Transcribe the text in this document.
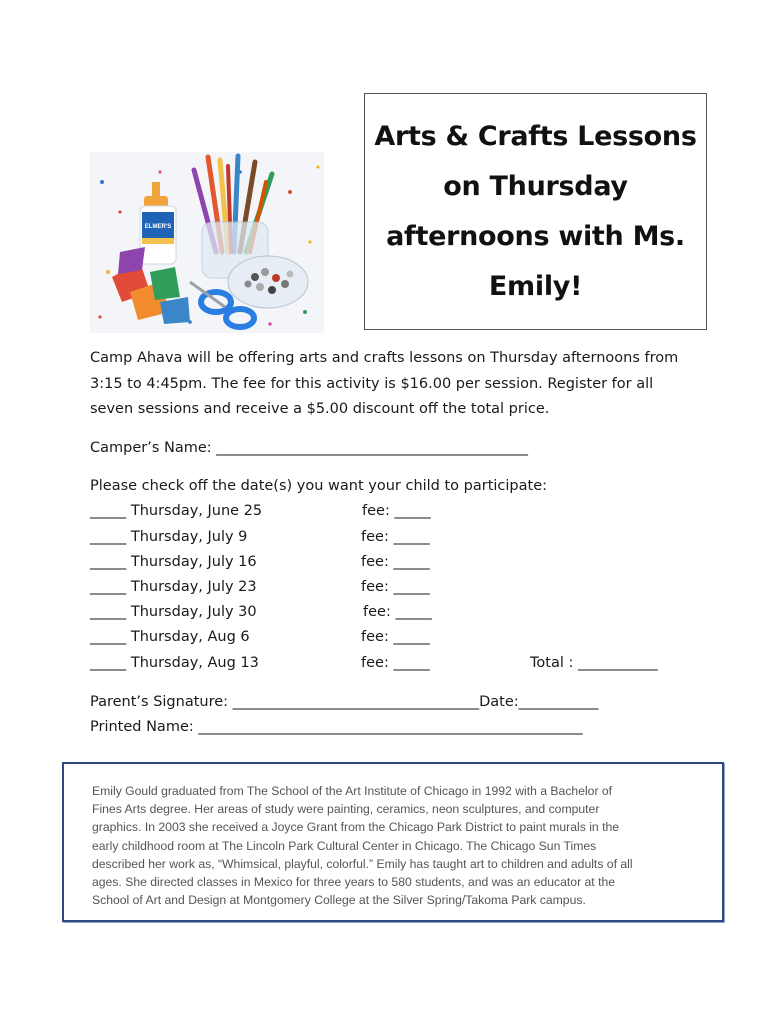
ELMER'S
Arts & Crafts Lessons
on Thursday
afternoons with Ms.
Emily!
Camp Ahava will be offering arts and crafts lessons on Thursday afternoons from
3:15 to 4:45pm. The fee for this activity is $16.00 per session. Register for all
seven sessions and receive a $5.00 discount off the total price.
Camper’s Name: ___________________________________________
Please check off the date(s) you want your child to participate:
_____ Thursday, June 25	fee: _____
_____ Thursday, July 9	fee: _____
_____ Thursday, July 16	fee: _____
_____ Thursday, July 23	fee: _____
_____ Thursday, July 30	fee: _____
_____ Thursday, Aug 6	fee: _____
_____ Thursday, Aug 13	fee: _____	Total : ___________
Parent’s Signature: __________________________________Date:___________
Printed Name: _____________________________________________________
Emily Gould graduated from The School of the Art Institute of Chicago in 1992 with a Bachelor of
Fines Arts degree. Her areas of study were painting, ceramics, neon sculptures, and computer
graphics. In 2003 she received a Joyce Grant from the Chicago Park District to paint murals in the
early childhood room at The Lincoln Park Cultural Center in Chicago. The Chicago Sun Times
described her work as, “Whimsical, playful, colorful.” Emily has taught art to children and adults of all
ages. She directed classes in Mexico for three years to 580 students, and was an educator at the
School of Art and Design at Montgomery College at the Silver Spring/Takoma Park campus.
